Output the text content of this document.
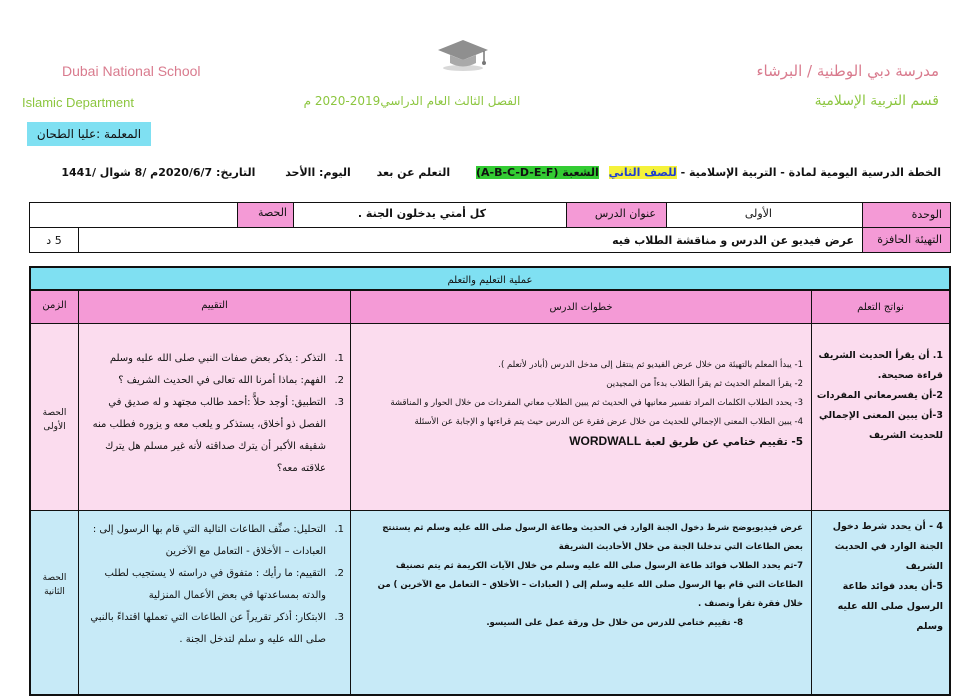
Dubai National School
Islamic Department
مدرسة دبي الوطنية / البرشاء
قسم التربية الإسلامية
الفصل الثالث العام الدراسي2019-2020 م
المعلمة :عليا الطحان
الخطة الدرسية اليومية لمادة - التربية الإسلامية - للصف الثاني الشعبة (A-B-C-D-E-F) التعلم عن بعد اليوم: االأحد التاريخ: 2020/6/7م /8 شوال /1441
الوحدة
الأولى
عنوان الدرس
كل أمتي يدخلون الجنة .
الحصة
التهيئة الحافزة
عرض فيديو عن الدرس و مناقشة الطلاب فيه
5 د
عملية التعليم والتعلم
نواتج التعلم
خطوات الدرس
التقييم
الزمن
1. أن يقرأ الحديث الشريف قراءة صحيحة.
2-أن يفسرمعاني المفردات
3-أن يبين المعنى الإجمالي للحديث الشريف
1- يبدأ المعلم بالتهيئة من خلال عرض الفيديو ثم ينتقل إلى مدخل الدرس (أبادر لأتعلم ).
2- يقرأ المعلم الحديث ثم يقرأ الطلاب بدءاً من المجيدين
3- يحدد الطلاب الكلمات المراد تفسير معانيها في الحديث ثم يبين الطلاب معاني المفردات من خلال الحوار و المناقشة
4- يبين الطلاب المعنى الإجمالي للحديث من خلال عرض فقرة عن الدرس حيث يتم قراءتها و الإجابة عن الأسئلة
5- تقييم ختامي عن طريق لعبة WORDWALL
1.
التذكر : يذكر بعض صفات النبي صلى الله عليه وسلم
2.
الفهم: بماذا أمرنا الله تعالى في الحديث الشريف ؟
3.
التطبيق: أوجد حلاًّ :أحمد طالب مجتهد و له صديق في الفصل ذو أخلاق، يستذكر و يلعب معه و يزوره فطلب منه شقيقه الأكبر أن يترك صداقته لأنه غير مسلم هل يترك علاقته معه؟
الحصة الأولى
4 - أن يحدد شرط دخول الجنة الوارد في الحديث الشريف
5-أن يعدد فوائد طاعة الرسول صلى الله عليه وسلم
عرض فيديويوضح شرط دخول الجنة الوارد في الحديث وطاعة الرسول صلى الله عليه وسلم ثم يستنتج بعض الطاعات التي تدخلنا الجنة من خلال الأحاديث الشريفة
7-ثم يحدد الطلاب فوائد طاعة الرسول صلى الله عليه وسلم من خلال الآيات الكريمة ثم يتم تصنيف الطاعات التي قام بها الرسول صلى الله عليه وسلم إلى ( العبادات – الأخلاق – التعامل مع الآخرين ) من خلال فقرة تقرأ وتصنف .
8- تقييم ختامي للدرس من خلال حل ورقة عمل على السيسو.
1.
التحليل: صنِّف الطاعات التالية التي قام بها الرسول إلى : العبادات – الأخلاق - التعامل مع الآخرين
2.
التقييم: ما رأيك : متفوق في دراسته لا يستجيب لطلب والدته بمساعدتها في بعض الأعمال المنزلية
3.
الابتكار: أذكر تقريراً عن الطاعات التي تعملها اقتداءً بالنبي صلى الله عليه و سلم لتدخل الجنة .
الحصة الثانية
